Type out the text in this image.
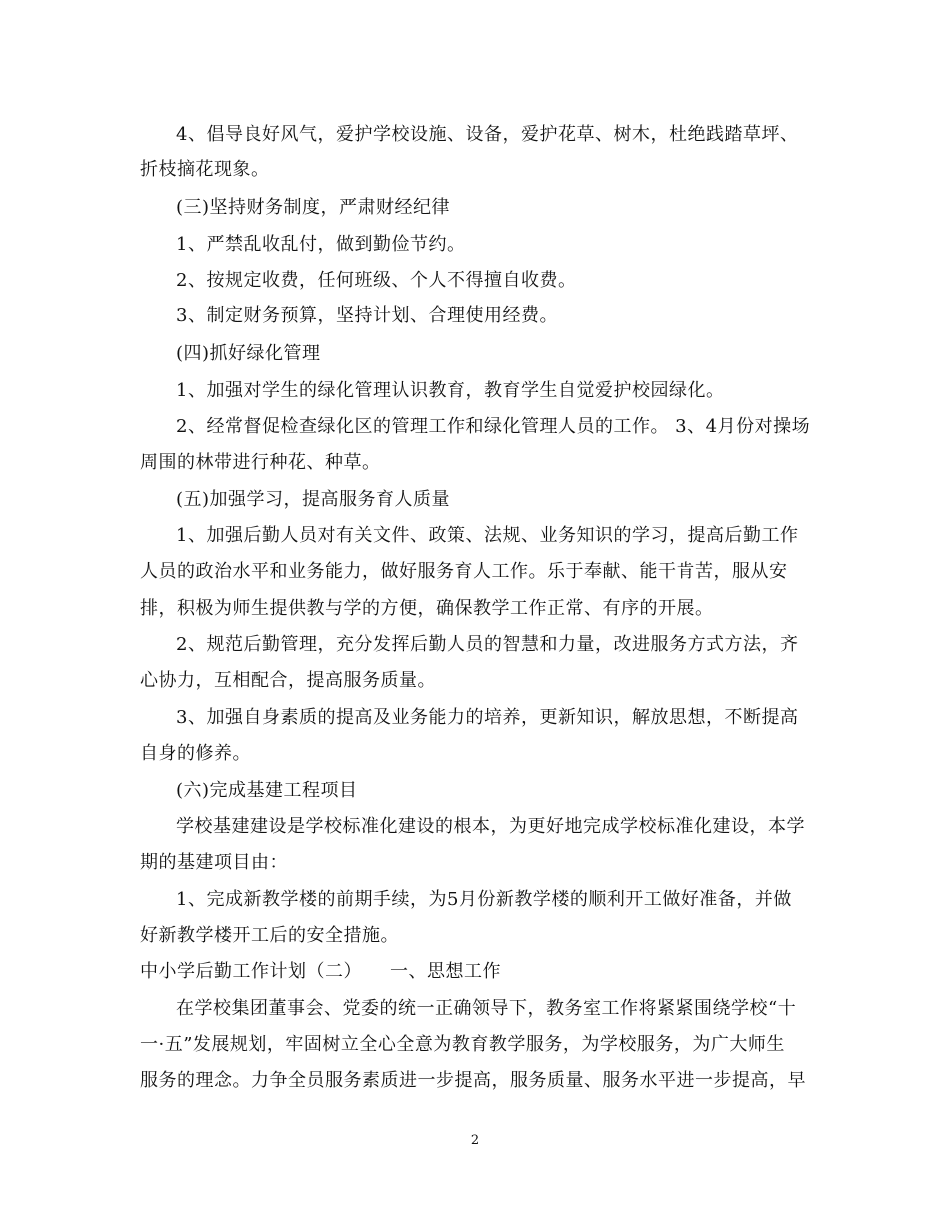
4、倡导良好风气，爱护学校设施、设备，爱护花草、树木，杜绝践踏草坪、
折枝摘花现象。
(三)坚持财务制度，严肃财经纪律
1、严禁乱收乱付，做到勤俭节约。
2、按规定收费，任何班级、个人不得擅自收费。
3、制定财务预算，坚持计划、合理使用经费。
(四)抓好绿化管理
1、加强对学生的绿化管理认识教育，教育学生自觉爱护校园绿化。
2、经常督促检查绿化区的管理工作和绿化管理人员的工作。 3、4月份对操场
周围的林带进行种花、种草。
(五)加强学习，提高服务育人质量
1、加强后勤人员对有关文件、政策、法规、业务知识的学习，提高后勤工作
人员的政治水平和业务能力，做好服务育人工作。乐于奉献、能干肯苦，服从安
排，积极为师生提供教与学的方便，确保教学工作正常、有序的开展。
2、规范后勤管理，充分发挥后勤人员的智慧和力量，改进服务方式方法，齐
心协力，互相配合，提高服务质量。
3、加强自身素质的提高及业务能力的培养，更新知识，解放思想，不断提高
自身的修养。
(六)完成基建工程项目
学校基建建设是学校标准化建设的根本，为更好地完成学校标准化建设，本学
期的基建项目由：
1、完成新教学楼的前期手续，为5月份新教学楼的顺利开工做好准备，并做
好新教学楼开工后的安全措施。
中小学后勤工作计划（二）　　一、思想工作
在学校集团董事会、党委的统一正确领导下，教务室工作将紧紧围绕学校“十
一·五”发展规划，牢固树立全心全意为教育教学服务，为学校服务，为广大师生
服务的理念。力争全员服务素质进一步提高，服务质量、服务水平进一步提高，早
2
